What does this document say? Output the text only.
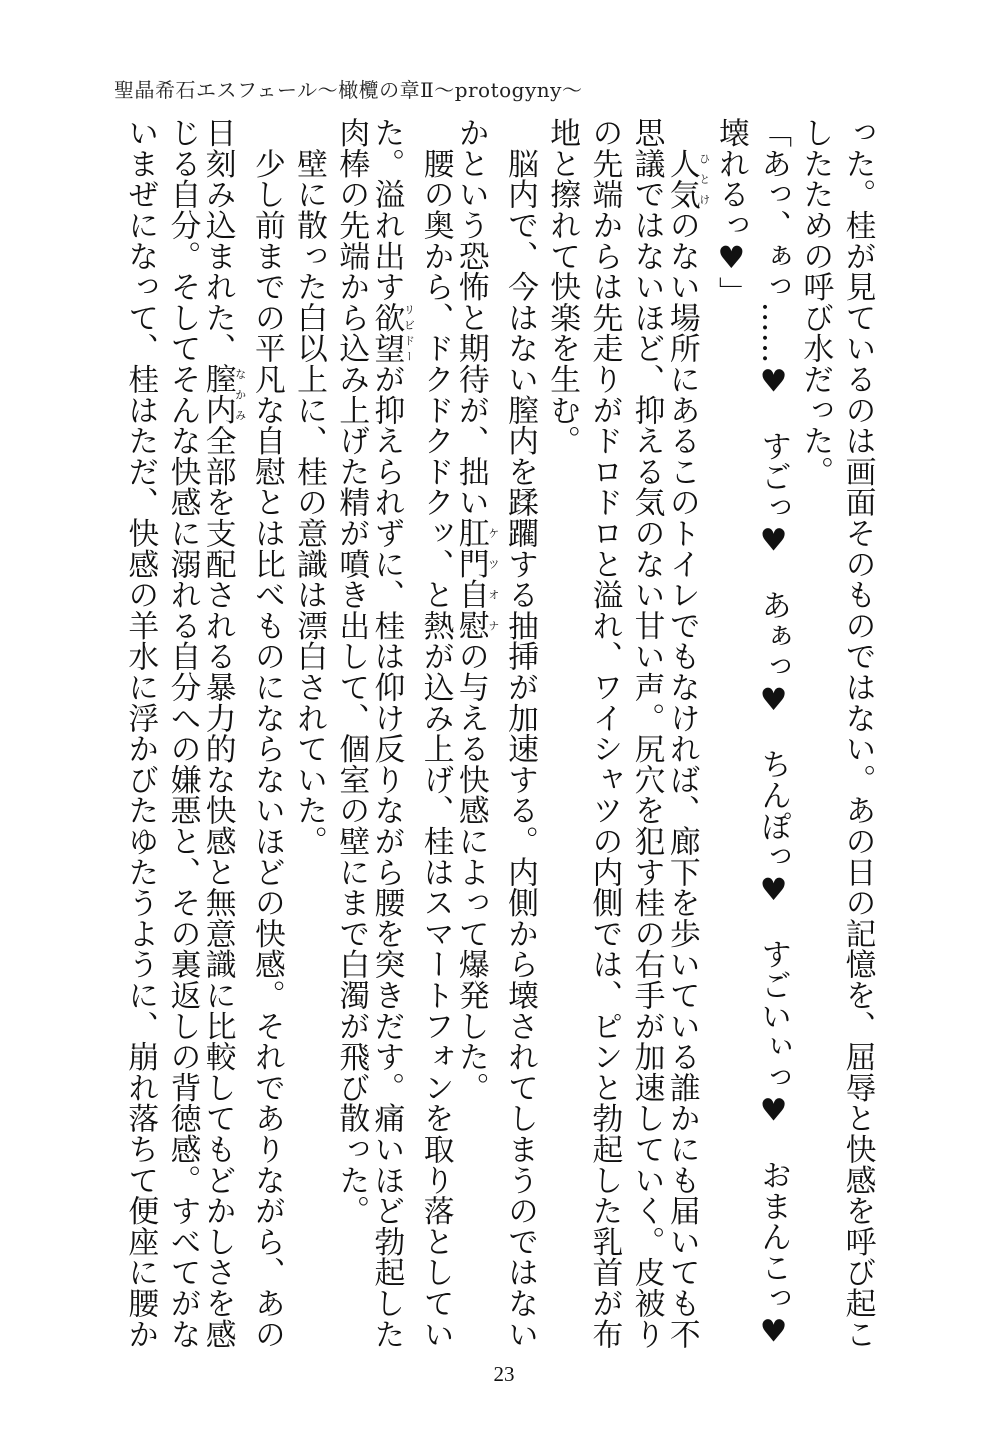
聖晶希石エスフェール～橄欖の章Ⅱ～protogyny～
った。桂が見ているのは画面そのものではない。あの日の記憶を、屈辱と快感を呼び起こ
したための呼び水だった。
「あっ、ぁっ……♥　すごっ♥　あぁっ♥　ちんぽっ♥　すごいぃっ♥　おまんこっ♥
壊れるっ♥」
　人気ひとけのない場所にあるこのトイレでもなければ、廊下を歩いている誰かにも届いても不
思議ではないほど、抑える気のない甘い声。尻穴を犯す桂の右手が加速していく。皮被り
の先端からは先走りがドロドロと溢れ、ワイシャツの内側では、ピンと勃起した乳首が布
地と擦れて快楽を生む。
　脳内で、今はない膣内を蹂躙する抽挿が加速する。内側から壊されてしまうのではない
かという恐怖と期待が、拙い肛門自慰ケツオナの与える快感によって爆発した。
　腰の奥から、ドクドクドクッ、と熱が込み上げ、桂はスマートフォンを取り落としてい
た。溢れ出す欲望リビドーが抑えられずに、桂は仰け反りながら腰を突きだす。痛いほど勃起した
肉棒の先端から込み上げた精が噴き出して、個室の壁にまで白濁が飛び散った。
　壁に散った白以上に、桂の意識は漂白されていた。
　少し前までの平凡な自慰とは比べものにならないほどの快感。それでありながら、あの
日刻み込まれた、膣内なかみ全部を支配される暴力的な快感と無意識に比較してもどかしさを感
じる自分。そしてそんな快感に溺れる自分への嫌悪と、その裏返しの背徳感。すべてがな
いまぜになって、桂はただ、快感の羊水に浮かびたゆたうように、崩れ落ちて便座に腰か
23
